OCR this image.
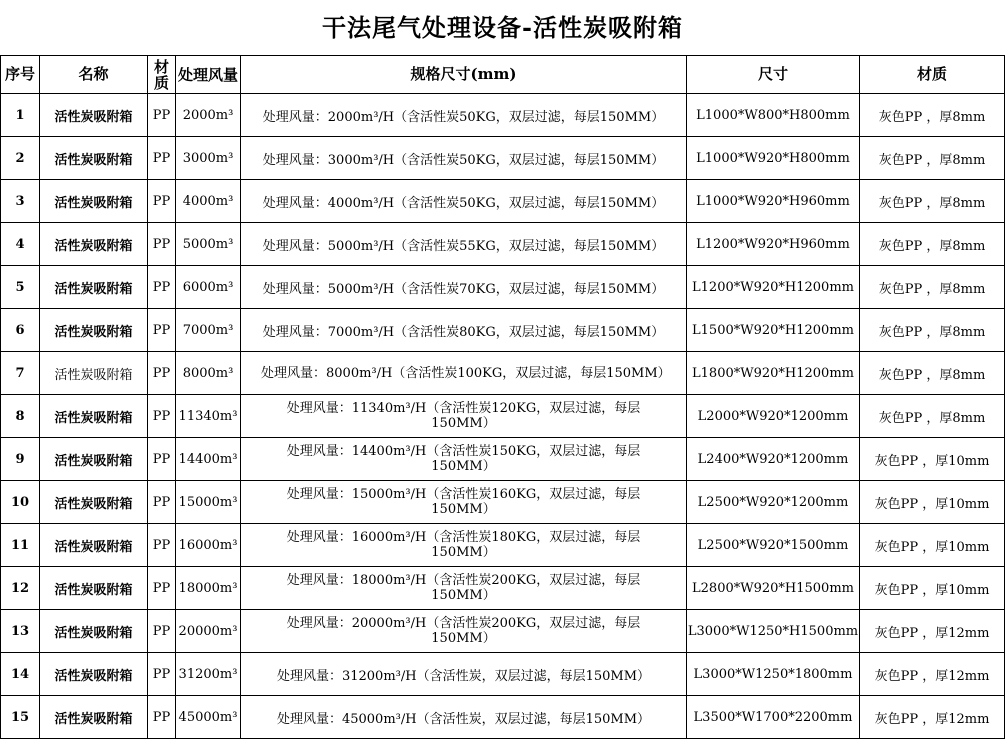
干法尾气处理设备-活性炭吸附箱
序号	名称	材质	处理风量	规格尺寸(mm)	尺寸	材质
1	活性炭吸附箱	PP	2000m³	处理风量：2000m³/H（含活性炭50KG，双层过滤，每层150MM）	L1000*W800*H800mm	灰色PP ，厚8mm
2	活性炭吸附箱	PP	3000m³	处理风量：3000m³/H（含活性炭50KG，双层过滤，每层150MM）	L1000*W920*H800mm	灰色PP ，厚8mm
3	活性炭吸附箱	PP	4000m³	处理风量：4000m³/H（含活性炭50KG，双层过滤，每层150MM）	L1000*W920*H960mm	灰色PP ，厚8mm
4	活性炭吸附箱	PP	5000m³	处理风量：5000m³/H（含活性炭55KG，双层过滤，每层150MM）	L1200*W920*H960mm	灰色PP ，厚8mm
5	活性炭吸附箱	PP	6000m³	处理风量：5000m³/H（含活性炭70KG，双层过滤，每层150MM）	L1200*W920*H1200mm	灰色PP ，厚8mm
6	活性炭吸附箱	PP	7000m³	处理风量：7000m³/H（含活性炭80KG，双层过滤，每层150MM）	L1500*W920*H1200mm	灰色PP ，厚8mm
7	活性炭吸附箱	PP	8000m³	处理风量：8000m³/H（含活性炭100KG，双层过滤，每层150MM）	L1800*W920*H1200mm	灰色PP ，厚8mm
8	活性炭吸附箱	PP	11340m³	处理风量：11340m³/H（含活性炭120KG，双层过滤，每层150MM）	L2000*W920*1200mm	灰色PP ，厚8mm
9	活性炭吸附箱	PP	14400m³	处理风量：14400m³/H（含活性炭150KG，双层过滤，每层150MM）	L2400*W920*1200mm	灰色PP ，厚10mm
10	活性炭吸附箱	PP	15000m³	处理风量：15000m³/H（含活性炭160KG，双层过滤，每层150MM）	L2500*W920*1200mm	灰色PP ，厚10mm
11	活性炭吸附箱	PP	16000m³	处理风量：16000m³/H（含活性炭180KG，双层过滤，每层150MM）	L2500*W920*1500mm	灰色PP ，厚10mm
12	活性炭吸附箱	PP	18000m³	处理风量：18000m³/H（含活性炭200KG，双层过滤，每层150MM）	L2800*W920*H1500mm	灰色PP ，厚10mm
13	活性炭吸附箱	PP	20000m³	处理风量：20000m³/H（含活性炭200KG，双层过滤，每层150MM）	L3000*W1250*H1500mm	灰色PP ，厚12mm
14	活性炭吸附箱	PP	31200m³	处理风量：31200m³/H（含活性炭，双层过滤，每层150MM）	L3000*W1250*1800mm	灰色PP ，厚12mm
15	活性炭吸附箱	PP	45000m³	处理风量：45000m³/H（含活性炭，双层过滤，每层150MM）	L3500*W1700*2200mm	灰色PP ，厚12mm
